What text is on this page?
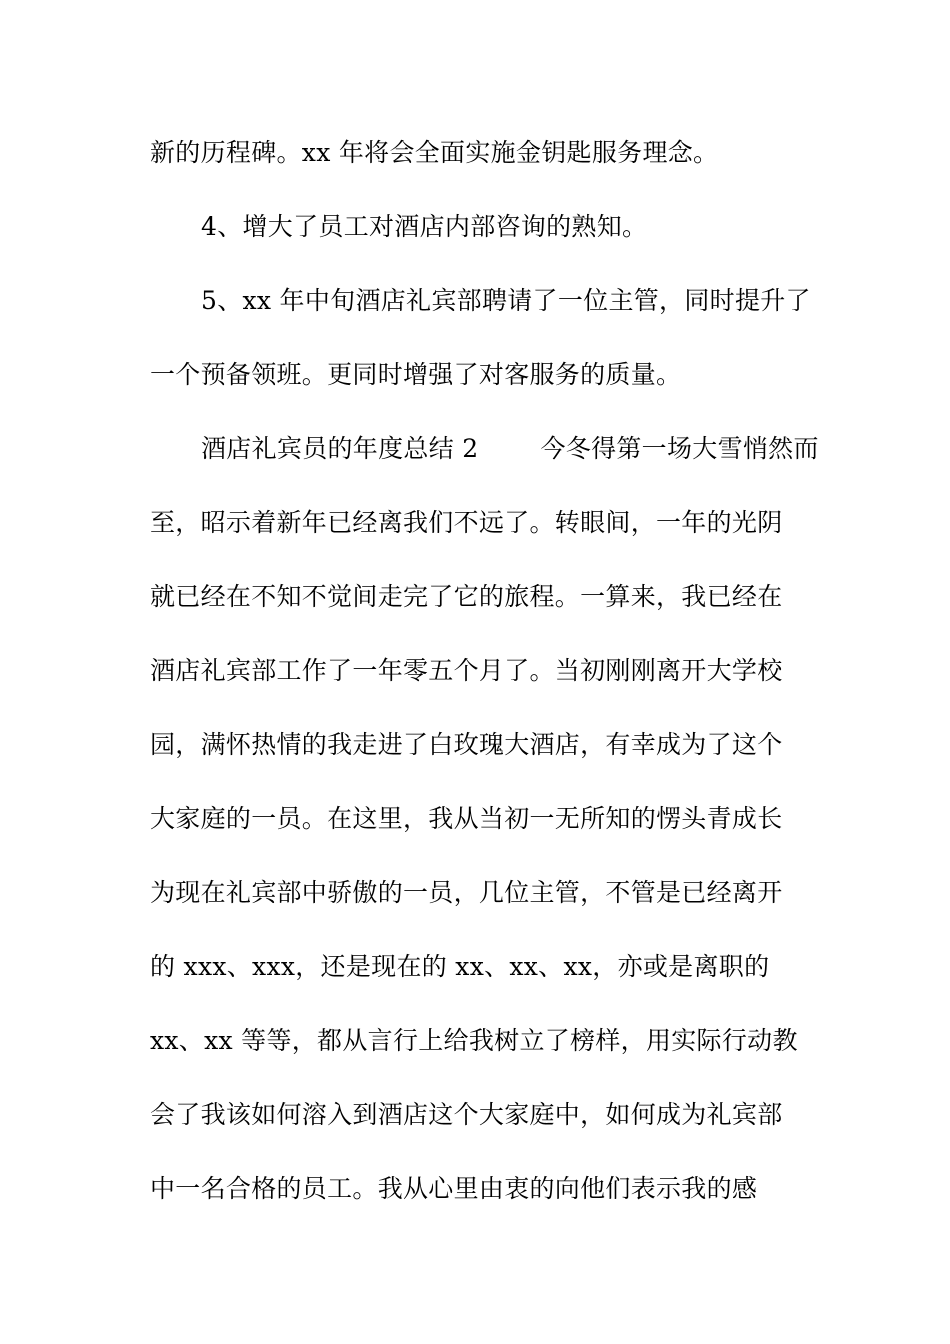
新的历程碑。xx 年将会全面实施金钥匙服务理念。
4、增大了员工对酒店内部咨询的熟知。
5、xx 年中旬酒店礼宾部聘请了一位主管，同时提升了
一个预备领班。更同时增强了对客服务的质量。
酒店礼宾员的年度总结 2 今冬得第一场大雪悄然而
至，昭示着新年已经离我们不远了。转眼间，一年的光阴
就已经在不知不觉间走完了它的旅程。一算来，我已经在
酒店礼宾部工作了一年零五个月了。当初刚刚离开大学校
园，满怀热情的我走进了白玫瑰大酒店，有幸成为了这个
大家庭的一员。在这里，我从当初一无所知的愣头青成长
为现在礼宾部中骄傲的一员，几位主管，不管是已经离开
的 xxx、xxx，还是现在的 xx、xx、xx，亦或是离职的
xx、xx 等等，都从言行上给我树立了榜样，用实际行动教
会了我该如何溶入到酒店这个大家庭中，如何成为礼宾部
中一名合格的员工。我从心里由衷的向他们表示我的感
